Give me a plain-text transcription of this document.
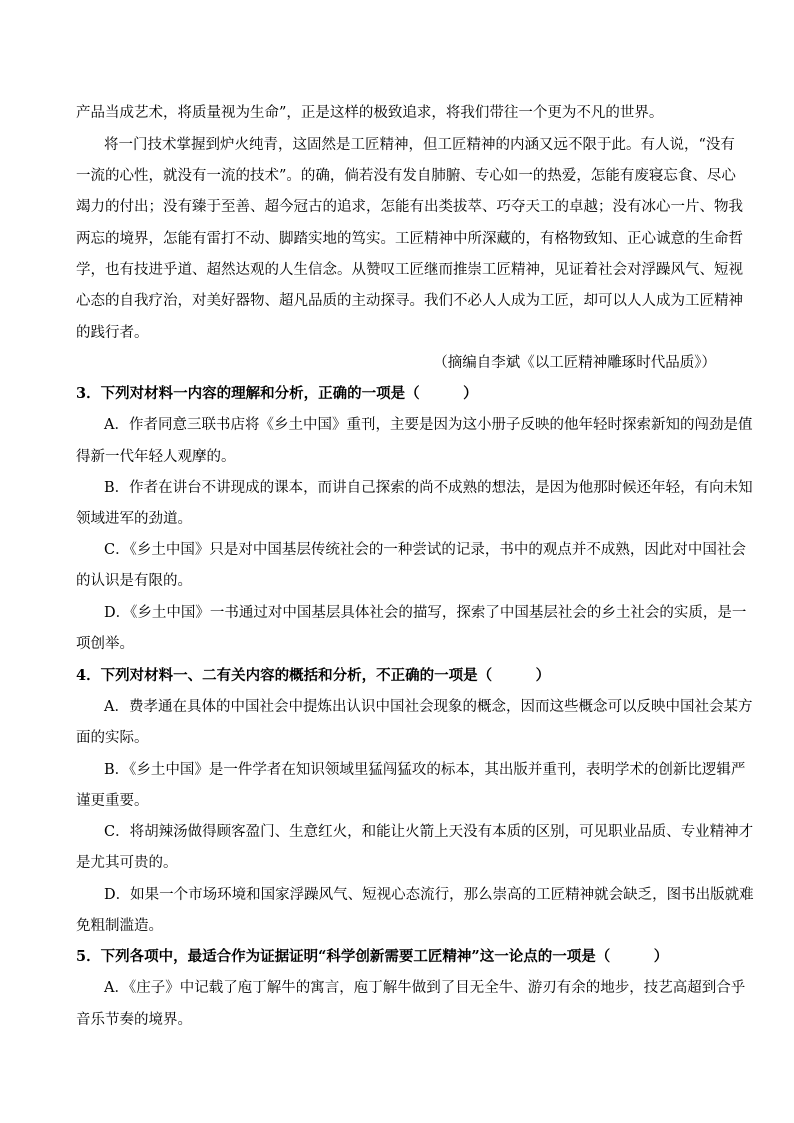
产品当成艺术，将质量视为生命”，正是这样的极致追求，将我们带往一个更为不凡的世界。
将一门技术掌握到炉火纯青，这固然是工匠精神，但工匠精神的内涵又远不限于此。有人说，“没有
一流的心性，就没有一流的技术”。的确，倘若没有发自肺腑、专心如一的热爱，怎能有废寝忘食、尽心
竭力的付出；没有臻于至善、超今冠古的追求，怎能有出类拔萃、巧夺天工的卓越；没有冰心一片、物我
两忘的境界，怎能有雷打不动、脚踏实地的笃实。工匠精神中所深藏的，有格物致知、正心诚意的生命哲
学，也有技进乎道、超然达观的人生信念。从赞叹工匠继而推崇工匠精神，见证着社会对浮躁风气、短视
心态的自我疗治，对美好器物、超凡品质的主动探寻。我们不必人人成为工匠，却可以人人成为工匠精神
的践行者。
（摘编自李斌《以工匠精神雕琢时代品质》）
3．下列对材料一内容的理解和分析，正确的一项是（　　　）
A．作者同意三联书店将《乡土中国》重刊，主要是因为这小册子反映的他年轻时探索新知的闯劲是值
得新一代年轻人观摩的。
B．作者在讲台不讲现成的课本，而讲自己探索的尚不成熟的想法，是因为他那时候还年轻，有向未知
领域进军的劲道。
C．《乡土中国》只是对中国基层传统社会的一种尝试的记录，书中的观点并不成熟，因此对中国社会
的认识是有限的。
D．《乡土中国》一书通过对中国基层具体社会的描写，探索了中国基层社会的乡土社会的实质，是一
项创举。
4．下列对材料一、二有关内容的概括和分析，不正确的一项是（　　　）
A．费孝通在具体的中国社会中提炼出认识中国社会现象的概念，因而这些概念可以反映中国社会某方
面的实际。
B．《乡土中国》是一件学者在知识领域里猛闯猛攻的标本，其出版并重刊，表明学术的创新比逻辑严
谨更重要。
C．将胡辣汤做得顾客盈门、生意红火，和能让火箭上天没有本质的区别，可见职业品质、专业精神才
是尤其可贵的。
D．如果一个市场环境和国家浮躁风气、短视心态流行，那么崇高的工匠精神就会缺乏，图书出版就难
免粗制滥造。
5．下列各项中，最适合作为证据证明“科学创新需要工匠精神”这一论点的一项是（　　　）
A．《庄子》中记载了庖丁解牛的寓言，庖丁解牛做到了目无全牛、游刃有余的地步，技艺高超到合乎
音乐节奏的境界。
